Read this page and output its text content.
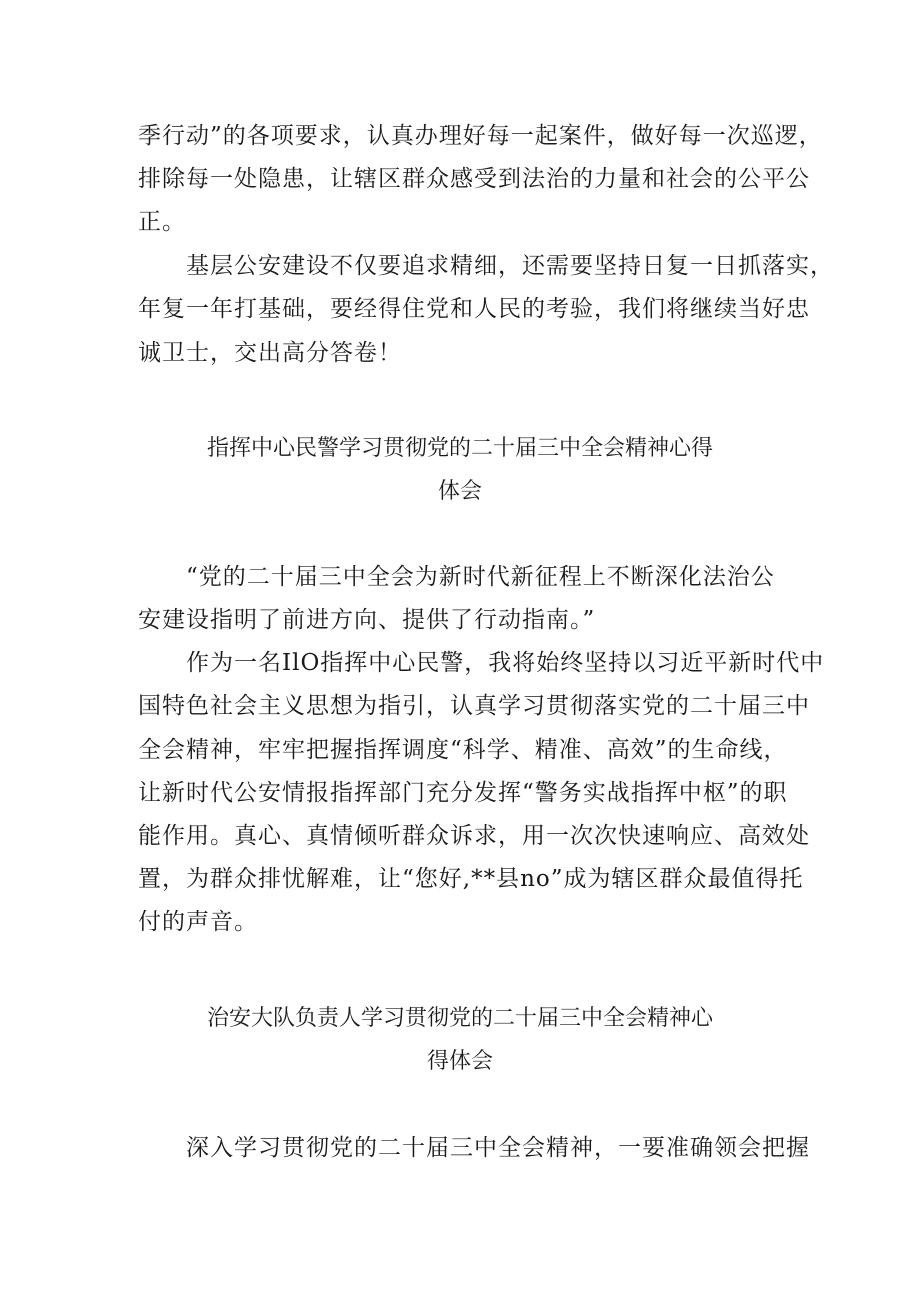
季行动”的各项要求，认真办理好每一起案件，做好每一次巡逻，
排除每一处隐患，让辖区群众感受到法治的力量和社会的公平公
正。
基层公安建设不仅要追求精细，还需要坚持日复一日抓落实，
年复一年打基础，要经得住党和人民的考验，我们将继续当好忠
诚卫士，交出高分答卷！
指挥中心民警学习贯彻党的二十届三中全会精神心得
体会
“党的二十届三中全会为新时代新征程上不断深化法治公
安建设指明了前进方向、提供了行动指南。”
作为一名IlO指挥中心民警，我将始终坚持以习近平新时代中
国特色社会主义思想为指引，认真学习贯彻落实党的二十届三中
全会精神，牢牢把握指挥调度“科学、精准、高效”的生命线，
让新时代公安情报指挥部门充分发挥“警务实战指挥中枢”的职
能作用。真心、真情倾听群众诉求，用一次次快速响应、高效处
置，为群众排忧解难，让“您好,**县no”成为辖区群众最值得托
付的声音。
治安大队负责人学习贯彻党的二十届三中全会精神心
得体会
深入学习贯彻党的二十届三中全会精神，一要准确领会把握
